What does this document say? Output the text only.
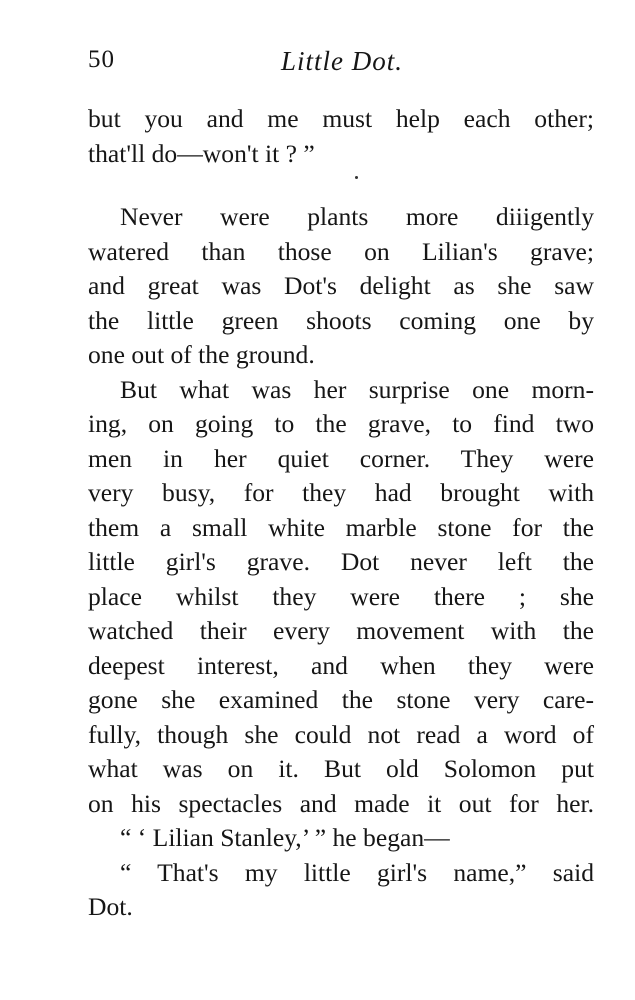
50	Little Dot.
but you and me must help each other;
that'll do—won't it ? ”
Never were plants more diiigently
watered than those on Lilian's grave;
and great was Dot's delight as she saw
the little green shoots coming one by
one out of the ground.
But what was her surprise one morn-
ing, on going to the grave, to find two
men in her quiet corner. They were
very busy, for they had brought with
them a small white marble stone for the
little girl's grave. Dot never left the
place whilst they were there ; she
watched their every movement with the
deepest interest, and when they were
gone she examined the stone very care-
fully, though she could not read a word of
what was on it. But old Solomon put
on his spectacles and made it out for her.
“ ‘ Lilian Stanley,’ ” he began—
“ That's my little girl's name,” said
Dot.
